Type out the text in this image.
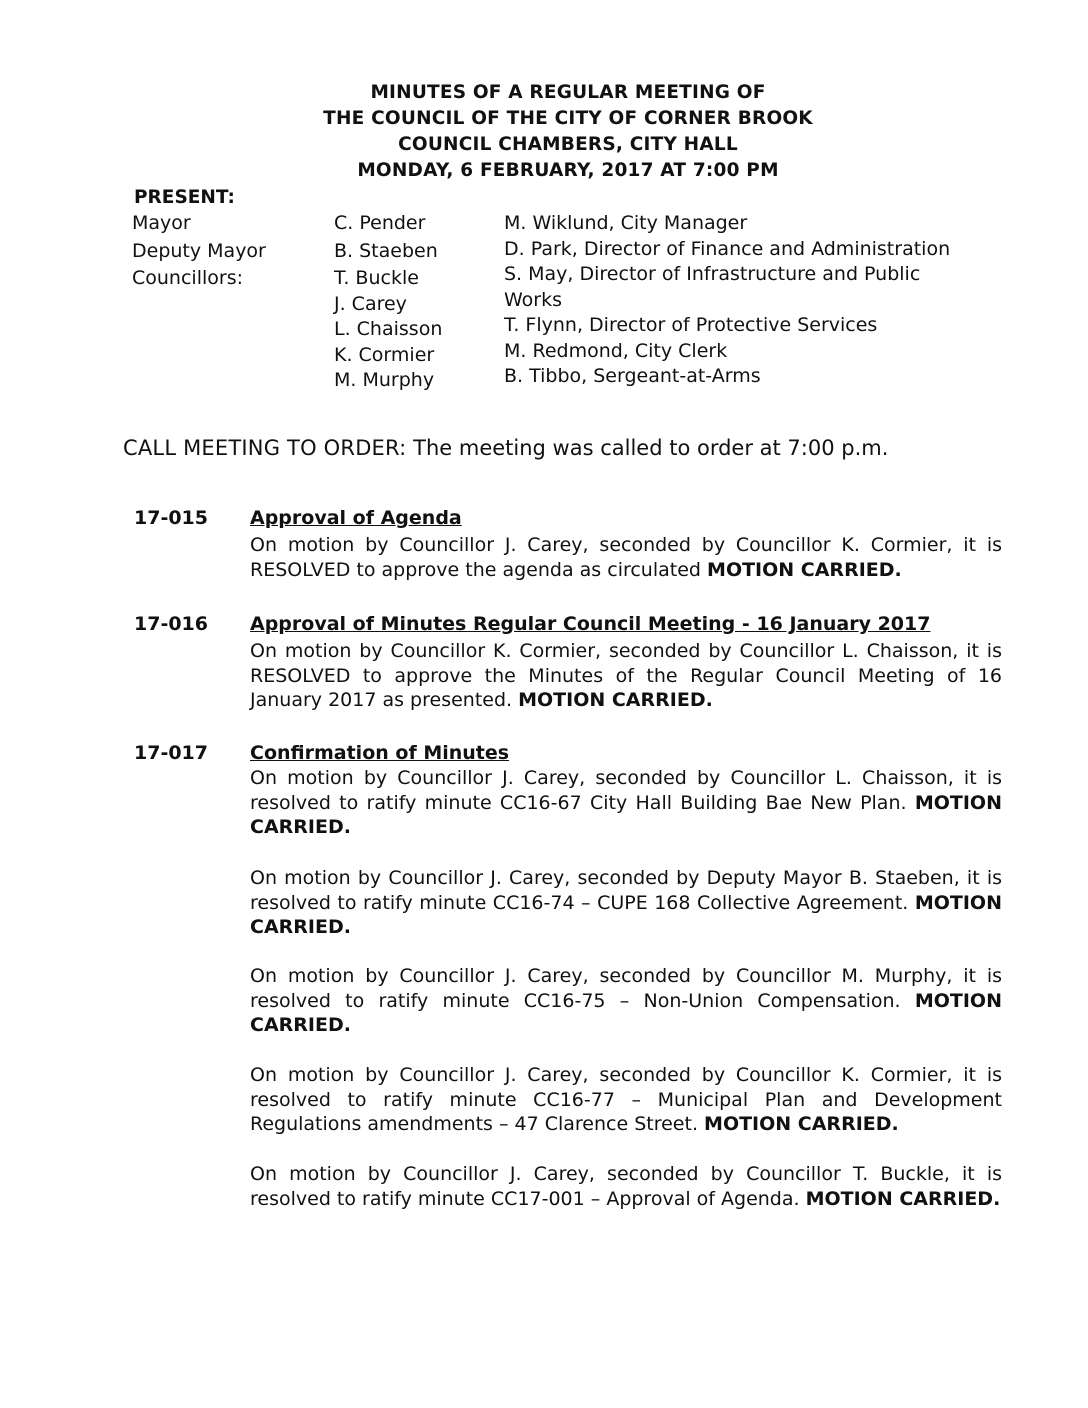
MINUTES OF A REGULAR MEETING OF
THE COUNCIL OF THE CITY OF CORNER BROOK
COUNCIL CHAMBERS, CITY HALL
MONDAY, 6 FEBRUARY, 2017 AT 7:00 PM
PRESENT:
Mayor
Deputy Mayor
Councillors:
C. Pender
B. Staeben
T. Buckle
J. Carey
L. Chaisson
K. Cormier
M. Murphy
M. Wiklund, City Manager
D. Park, Director of Finance and Administration
S. May, Director of Infrastructure and Public
Works
T. Flynn, Director of Protective Services
M. Redmond, City Clerk
B. Tibbo, Sergeant-at-Arms
CALL MEETING TO ORDER: The meeting was called to order at 7:00 p.m.
17-015 Approval of Agenda
On motion by Councillor J. Carey, seconded by Councillor K. Cormier, it is RESOLVED to approve the agenda as circulated MOTION CARRIED.
17-016 Approval of Minutes Regular Council Meeting - 16 January 2017
On motion by Councillor K. Cormier, seconded by Councillor L. Chaisson, it is RESOLVED to approve the Minutes of the Regular Council Meeting of 16 January 2017 as presented. MOTION CARRIED.
17-017 Confirmation of Minutes
On motion by Councillor J. Carey, seconded by Councillor L. Chaisson, it is resolved to ratify minute CC16-67 City Hall Building Bae New Plan. MOTION CARRIED.
On motion by Councillor J. Carey, seconded by Deputy Mayor B. Staeben, it is resolved to ratify minute CC16-74 – CUPE 168 Collective Agreement. MOTION CARRIED.
On motion by Councillor J. Carey, seconded by Councillor M. Murphy, it is resolved to ratify minute CC16-75 – Non-Union Compensation. MOTION CARRIED.
On motion by Councillor J. Carey, seconded by Councillor K. Cormier, it is resolved to ratify minute CC16-77 – Municipal Plan and Development Regulations amendments – 47 Clarence Street. MOTION CARRIED.
On motion by Councillor J. Carey, seconded by Councillor T. Buckle, it is resolved to ratify minute CC17-001 – Approval of Agenda. MOTION CARRIED.
